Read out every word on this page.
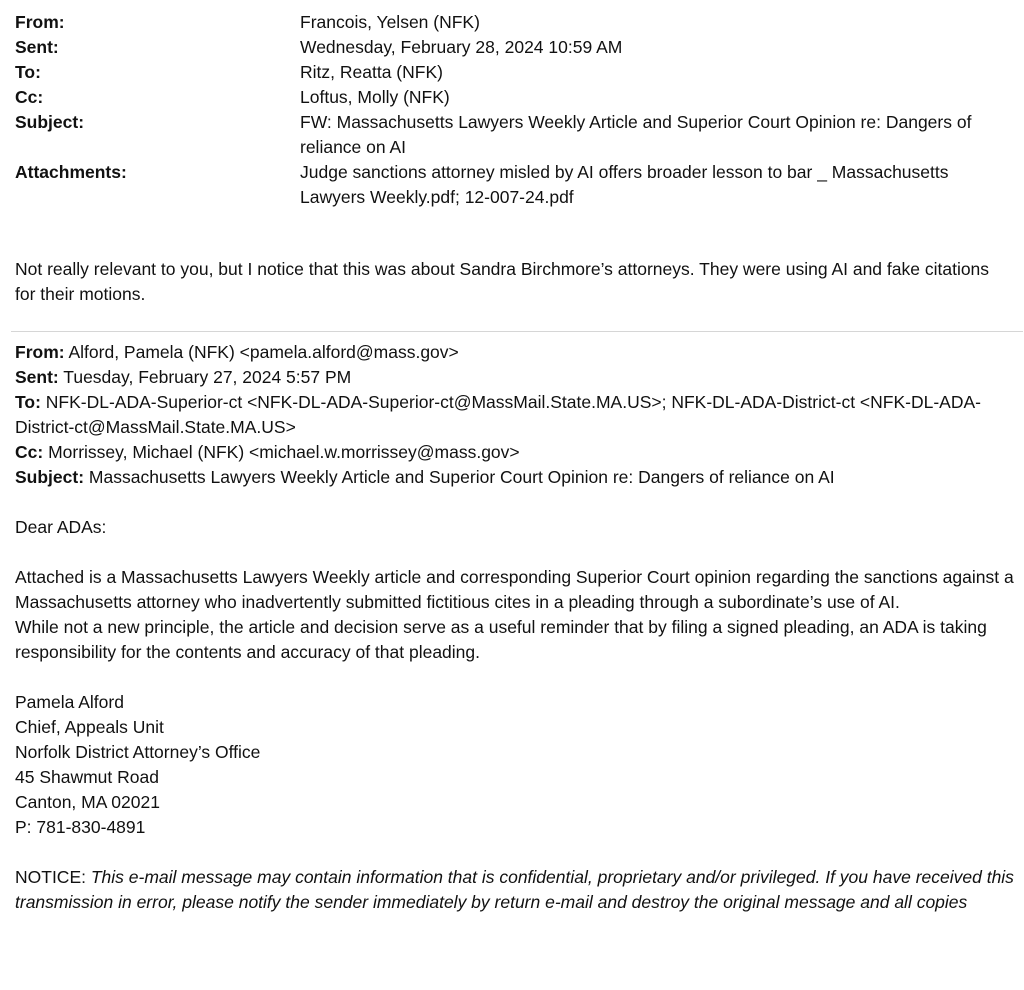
From:	Francois, Yelsen (NFK)
Sent:	Wednesday, February 28, 2024 10:59 AM
To:	Ritz, Reatta (NFK)
Cc:	Loftus, Molly (NFK)
Subject:	FW: Massachusetts Lawyers Weekly Article and Superior Court Opinion re: Dangers of reliance on AI
Attachments:	Judge sanctions attorney misled by AI offers broader lesson to bar _ Massachusetts Lawyers Weekly.pdf; 12-007-24.pdf
Not really relevant to you, but I notice that this was about Sandra Birchmore’s attorneys. They were using AI and fake citations for their motions.
From: Alford, Pamela (NFK) <pamela.alford@mass.gov>
Sent: Tuesday, February 27, 2024 5:57 PM
To: NFK-DL-ADA-Superior-ct <NFK-DL-ADA-Superior-ct@MassMail.State.MA.US>; NFK-DL-ADA-District-ct <NFK-DL-ADA-District-ct@MassMail.State.MA.US>
Cc: Morrissey, Michael (NFK) <michael.w.morrissey@mass.gov>
Subject: Massachusetts Lawyers Weekly Article and Superior Court Opinion re: Dangers of reliance on AI
Dear ADAs:
Attached is a Massachusetts Lawyers Weekly article and corresponding Superior Court opinion regarding the sanctions against a Massachusetts attorney who inadvertently submitted fictitious cites in a pleading through a subordinate’s use of AI.
While not a new principle, the article and decision serve as a useful reminder that by filing a signed pleading, an ADA is taking responsibility for the contents and accuracy of that pleading.
Pamela Alford
Chief, Appeals Unit
Norfolk District Attorney’s Office
45 Shawmut Road
Canton, MA 02021
P: 781-830-4891
NOTICE: This e-mail message may contain information that is confidential, proprietary and/or privileged. If you have received this transmission in error, please notify the sender immediately by return e-mail and destroy the original message and all copies
